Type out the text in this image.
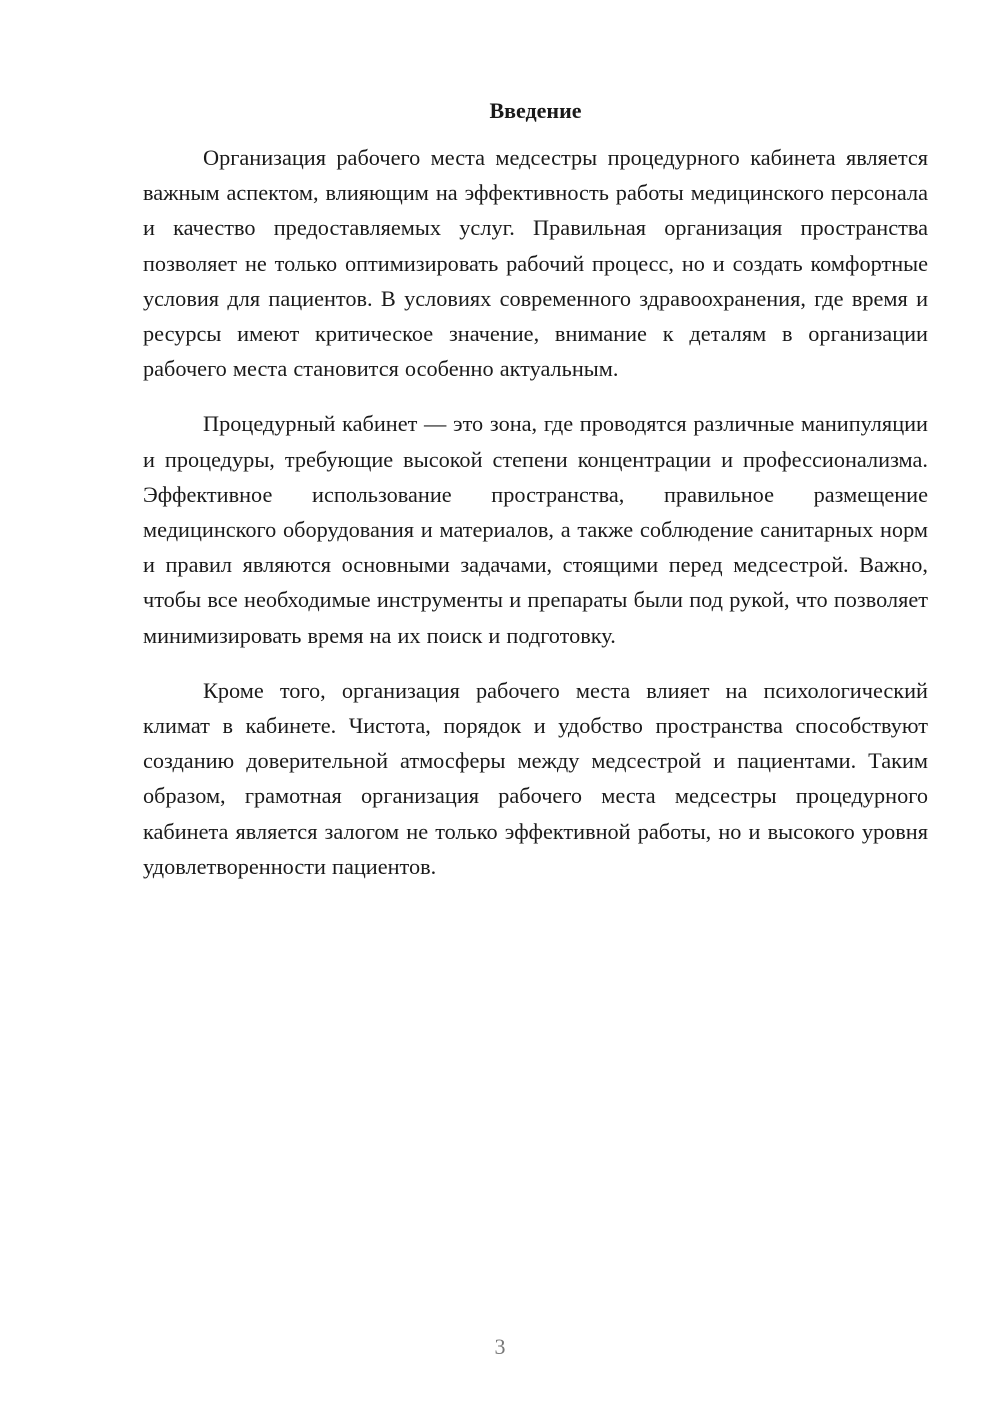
Введение

Организация рабочего места медсестры процедурного кабинета является важным аспектом, влияющим на эффективность работы медицинского персонала и качество предоставляемых услуг. Правильная организация пространства позволяет не только оптимизировать рабочий процесс, но и создать комфортные условия для пациентов. В условиях современного здравоохранения, где время и ресурсы имеют критическое значение, внимание к деталям в организации рабочего места становится особенно актуальным.

Процедурный кабинет — это зона, где проводятся различные манипуляции и процедуры, требующие высокой степени концентрации и профессионализма. Эффективное использование пространства, правильное размещение медицинского оборудования и материалов, а также соблюдение санитарных норм и правил являются основными задачами, стоящими перед медсестрой. Важно, чтобы все необходимые инструменты и препараты были под рукой, что позволяет минимизировать время на их поиск и подготовку.

Кроме того, организация рабочего места влияет на психологический климат в кабинете. Чистота, порядок и удобство пространства способствуют созданию доверительной атмосферы между медсестрой и пациентами. Таким образом, грамотная организация рабочего места медсестры процедурного кабинета является залогом не только эффективной работы, но и высокого уровня удовлетворенности пациентов.

3
